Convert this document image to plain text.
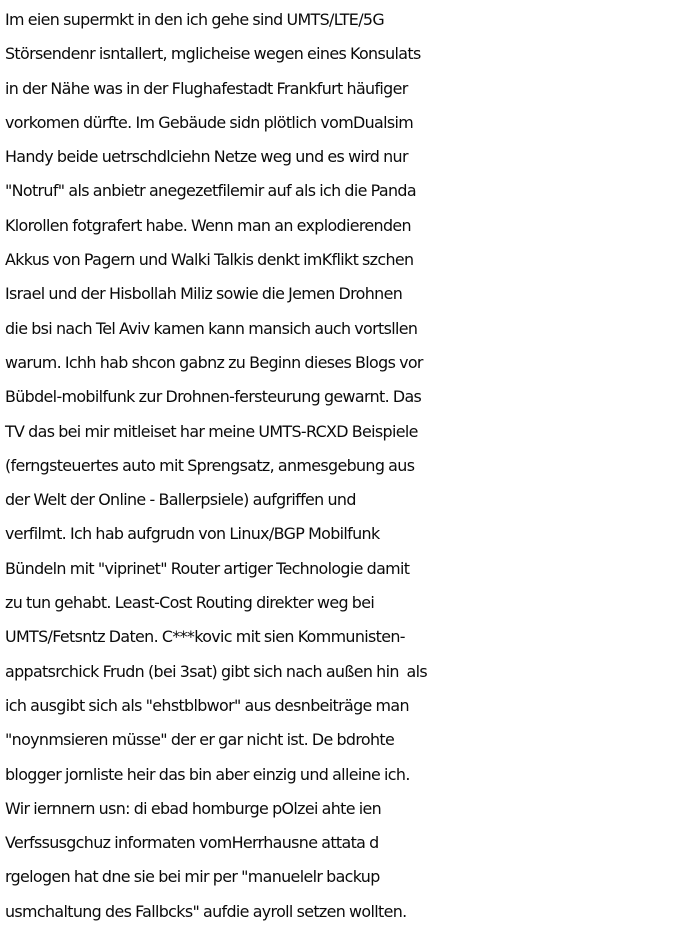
Im eien supermkt in den ich gehe sind UMTS/LTE/5G
Störsendenr isntallert, mglicheise wegen eines Konsulats
in der Nähe was in der Flughafestadt Frankfurt häufiger
vorkomen dürfte. Im Gebäude sidn plötlich vomDualsim
Handy beide uetrschdlciehn Netze weg und es wird nur
"Notruf" als anbietr anegezetfilemir auf als ich die Panda
Klorollen fotgrafert habe. Wenn man an explodierenden
Akkus von Pagern und Walki Talkis denkt imKflikt szchen
Israel und der Hisbollah Miliz sowie die Jemen Drohnen
die bsi nach Tel Aviv kamen kann mansich auch vortsllen
warum. Ichh hab shcon gabnz zu Beginn dieses Blogs vor
Bübdel-mobilfunk zur Drohnen-fersteurung gewarnt. Das
TV das bei mir mitleiset har meine UMTS-RCXD Beispiele
(ferngsteuertes auto mit Sprengsatz, anmesgebung aus
der Welt der Online - Ballerpsiele) aufgriffen und
verfilmt. Ich hab aufgrudn von Linux/BGP Mobilfunk
Bündeln mit "viprinet" Router artiger Technologie damit
zu tun gehabt. Least-Cost Routing direkter weg bei
UMTS/Fetsntz Daten. C***kovic mit sien Kommunisten-
appatsrchick Frudn (bei 3sat) gibt sich nach außen hin  als
ich ausgibt sich als "ehstblbwor" aus desnbeiträge man
"noynmsieren müsse" der er gar nicht ist. De bdrohte
blogger jornliste heir das bin aber einzig und alleine ich.
Wir iernnern usn: di ebad homburge pOlzei ahte ien
Verfssusgchuz informaten vomHerrhausne attata d
rgelogen hat dne sie bei mir per "manuelelr backup
usmchaltung des Fallbcks" aufdie ayroll setzen wollten.
